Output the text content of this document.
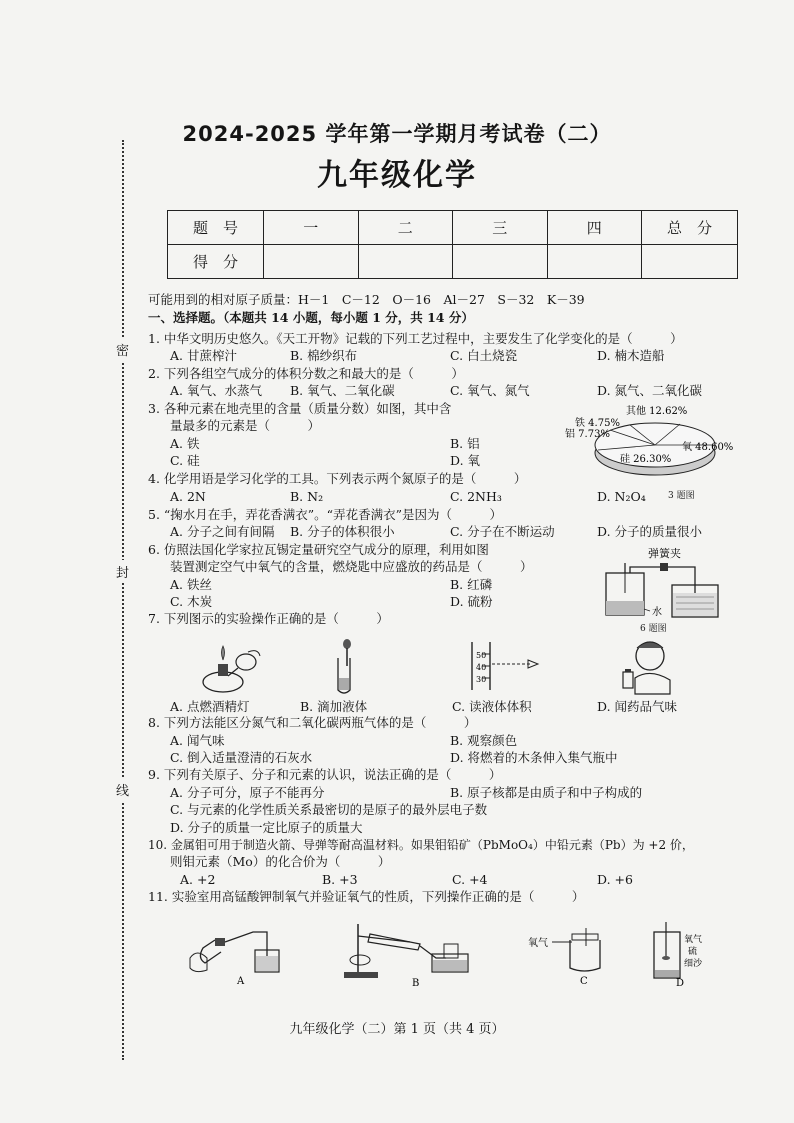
密
封
线
2024-2025 学年第一学期月考试卷（二）
九年级化学
题　号	一	二	三	四	总　分
得　分					
可能用到的相对原子质量：H－1　C－12　O－16　Al－27　S－32　K－39
一、选择题。（本题共 14 小题，每小题 1 分，共 14 分）
1. 中华文明历史悠久。《天工开物》记载的下列工艺过程中，主要发生了化学变化的是（　　　）
A. 甘蔗榨汁	B. 棉纱织布	C. 白土烧瓷	D. 楠木造船
2. 下列各组空气成分的体积分数之和最大的是（　　　）
A. 氧气、水蒸气 B. 氧气、二氧化碳	C. 氧气、氮气	D. 氮气、二氧化碳
3. 各种元素在地壳里的含量（质量分数）如图，其中含
量最多的元素是（　　　）
A. 铁	B. 铝
C. 硅	D. 氧
氧 48.60%
硅 26.30%
铝 7.73%
铁 4.75%
其他 12.62%
3 题图
4. 化学用语是学习化学的工具。下列表示两个氮原子的是（　　　）
A. 2N	B. N₂	C. 2NH₃	D. N₂O₄
5. “掬水月在手，弄花香满衣”。“弄花香满衣”是因为（　　　）
A. 分子之间有间隔 B. 分子的体积很小	C. 分子在不断运动	D. 分子的质量很小
6. 仿照法国化学家拉瓦锡定量研究空气成分的原理，利用如图
装置测定空气中氧气的含量，燃烧匙中应盛放的药品是（　　　）
A. 铁丝	B. 红磷
C. 木炭	D. 硫粉
弹簧夹
水
6 题图
7. 下列图示的实验操作正确的是（　　　）
50
40
30
A. 点燃酒精灯	B. 滴加液体	C. 读液体体积	D. 闻药品气味
8. 下列方法能区分氮气和二氧化碳两瓶气体的是（　　　）
A. 闻气味	B. 观察颜色
C. 倒入适量澄清的石灰水	D. 将燃着的木条伸入集气瓶中
9. 下列有关原子、分子和元素的认识，说法正确的是（　　　）
A. 分子可分，原子不能再分	B. 原子核都是由质子和中子构成的
C. 与元素的化学性质关系最密切的是原子的最外层电子数
D. 分子的质量一定比原子的质量大
10. 金属钼可用于制造火箭、导弹等耐高温材料。如果钼铅矿（PbMoO₄）中铅元素（Pb）为 +2 价，
则钼元素（Mo）的化合价为（　　　）
A. +2	B. +3	C. +4	D. +6
11. 实验室用高锰酸钾制氧气并验证氧气的性质，下列操作正确的是（　　　）
A	B
氧气
C
氧气
硫
细沙
D
九年级化学（二）第 1 页（共 4 页）
